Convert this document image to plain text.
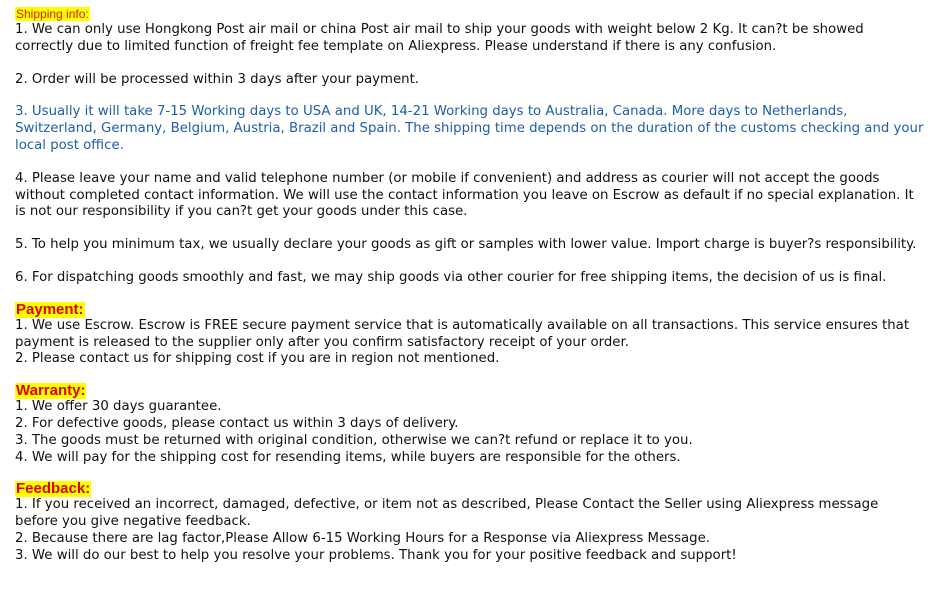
Shipping info:

1. We can only use Hongkong Post air mail or china Post air mail to ship your goods with weight below 2 Kg. It can?t be showed correctly due to limited function of freight fee template on Aliexpress. Please understand if there is any confusion.

2. Order will be processed within 3 days after your payment.

3. Usually it will take 7-15 Working days to USA and UK, 14-21 Working days to Australia, Canada. More days to Netherlands, Switzerland, Germany, Belgium, Austria, Brazil and Spain. The shipping time depends on the duration of the customs checking and your local post office.

4. Please leave your name and valid telephone number (or mobile if convenient) and address as courier will not accept the goods without completed contact information. We will use the contact information you leave on Escrow as default if no special explanation. It is not our responsibility if you can?t get your goods under this case.

5. To help you minimum tax, we usually declare your goods as gift or samples with lower value. Import charge is buyer?s responsibility.

6. For dispatching goods smoothly and fast, we may ship goods via other courier for free shipping items, the decision of us is final.

Payment:

1. We use Escrow. Escrow is FREE secure payment service that is automatically available on all transactions. This service ensures that payment is released to the supplier only after you confirm satisfactory receipt of your order.

2. Please contact us for shipping cost if you are in region not mentioned.

Warranty:

1. We offer 30 days guarantee.

2. For defective goods, please contact us within 3 days of delivery.

3. The goods must be returned with original condition, otherwise we can?t refund or replace it to you.

4. We will pay for the shipping cost for resending items, while buyers are responsible for the others.

Feedback:

1. If you received an incorrect, damaged, defective, or item not as described, Please Contact the Seller using Aliexpress message before you give negative feedback.

2. Because there are lag factor,Please Allow 6-15 Working Hours for a Response via Aliexpress Message.

3. We will do our best to help you resolve your problems. Thank you for your positive feedback and support!
